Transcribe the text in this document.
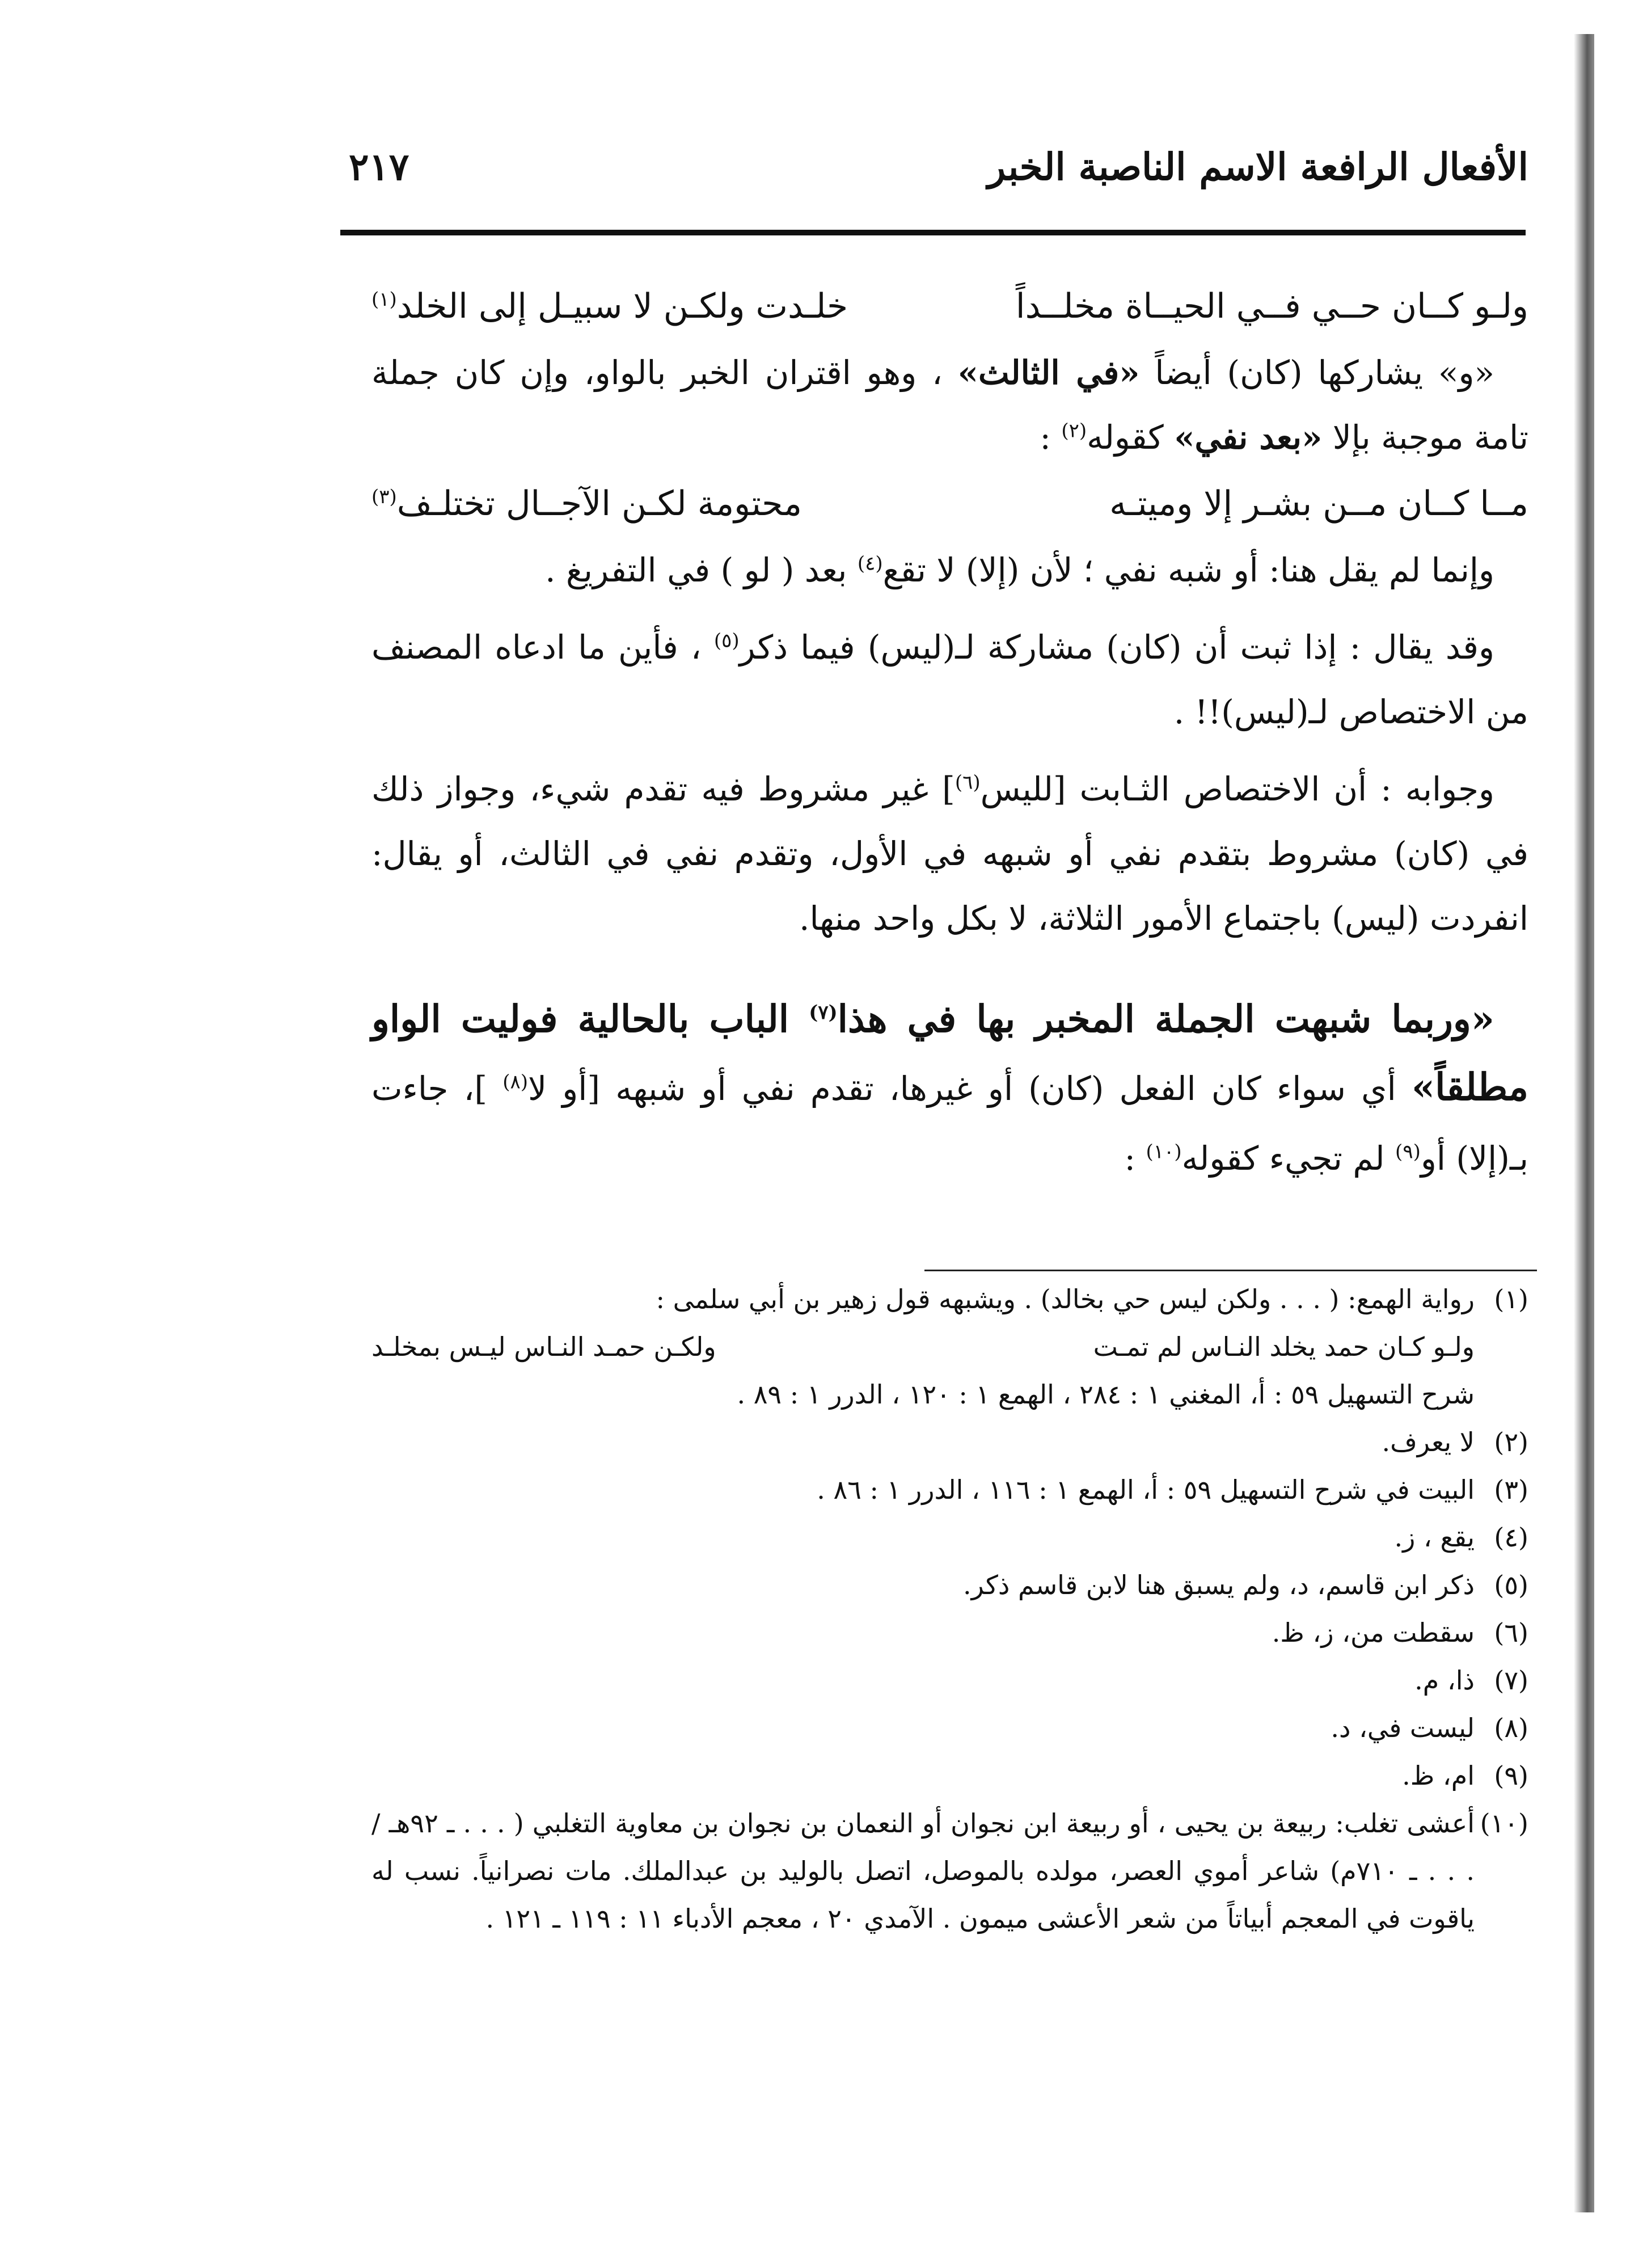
الأفعال الرافعة الاسم الناصبة الخبر
٢١٧
ولـو كــان حــي فــي الحيــاة مخلــداً
خلـدت ولكـن لا سبيـل إلى الخلد$^{(١)}$

«و» يشاركها (كان) أيضاً «في الثالث» ، وهو اقتران الخبر بالواو، وإن كان جملة تامة موجبة بإلا «بعد نفي» كقوله$^{(٢)}$ :

مــا كــان مــن بشـر إلا وميتـه
محتومة لكـن الآجــال تختلـف$^{(٣)}$

وإنما لم يقل هنا: أو شبه نفي ؛ لأن (إلا) لا تقع$^{(٤)}$ بعد ( لو ) في التفريغ .

وقد يقال : إذا ثبت أن (كان) مشاركة لـ(ليس) فيما ذكر$^{(٥)}$ ، فأين ما ادعاه المصنف من الاختصاص لـ(ليس)!! .

وجوابه : أن الاختصاص الثـابت [لليس$^{(٦)}$] غير مشروط فيه تقدم شيء، وجواز ذلك في (كان) مشروط بتقدم نفي أو شبهه في الأول، وتقدم نفي في الثالث، أو يقال: انفردت (ليس) باجتماع الأمور الثلاثة، لا بكل واحد منها.

«وربما شبهت الجملة المخبر بها في هذا$^{(٧)}$ الباب بالحالية فوليت الواو مطلقاً» أي سواء كان الفعل (كان) أو غيرها، تقدم نفي أو شبهه [أو لا$^{(٨)}$ ]، جاءت بـ(إلا) أو$^{(٩)}$ لم تجيء كقوله$^{(١٠)}$ :

(١)
رواية الهمع: ( . . . ولكن ليس حي بخالد) . ويشبهه قول زهير بن أبي سلمى :
ولـو كـان حمد يخلد النـاس لم تمـت
ولكـن حمـد النـاس ليـس بمخلـد
شرح التسهيل ٥٩ : أ، المغني ١ : ٢٨٤ ، الهمع ١ : ١٢٠ ، الدرر ١ : ٨٩ .
(٢)
لا يعرف.
(٣)
البيت في شرح التسهيل ٥٩ : أ، الهمع ١ : ١١٦ ، الدرر ١ : ٨٦ .
(٤)
يقع ، ز.
(٥)
ذكر ابن قاسم، د، ولم يسبق هنا لابن قاسم ذكر.
(٦)
سقطت من، ز، ظ.
(٧)
ذا، م.
(٨)
ليست في، د.
(٩)
ام، ظ.
(١٠)
أعشى تغلب: ربيعة بن يحيى ، أو ربيعة ابن نجوان أو النعمان بن نجوان بن معاوية التغلبي ( . . . ـ ٩٢هـ / . . . ـ ٧١٠م) شاعر أموي العصر، مولده بالموصل، اتصل بالوليد بن عبدالملك. مات نصرانياً. نسب له ياقوت في المعجم أبياتاً من شعر الأعشى ميمون . الآمدي ٢٠ ، معجم الأدباء ١١ : ١١٩ ـ ١٢١ .
